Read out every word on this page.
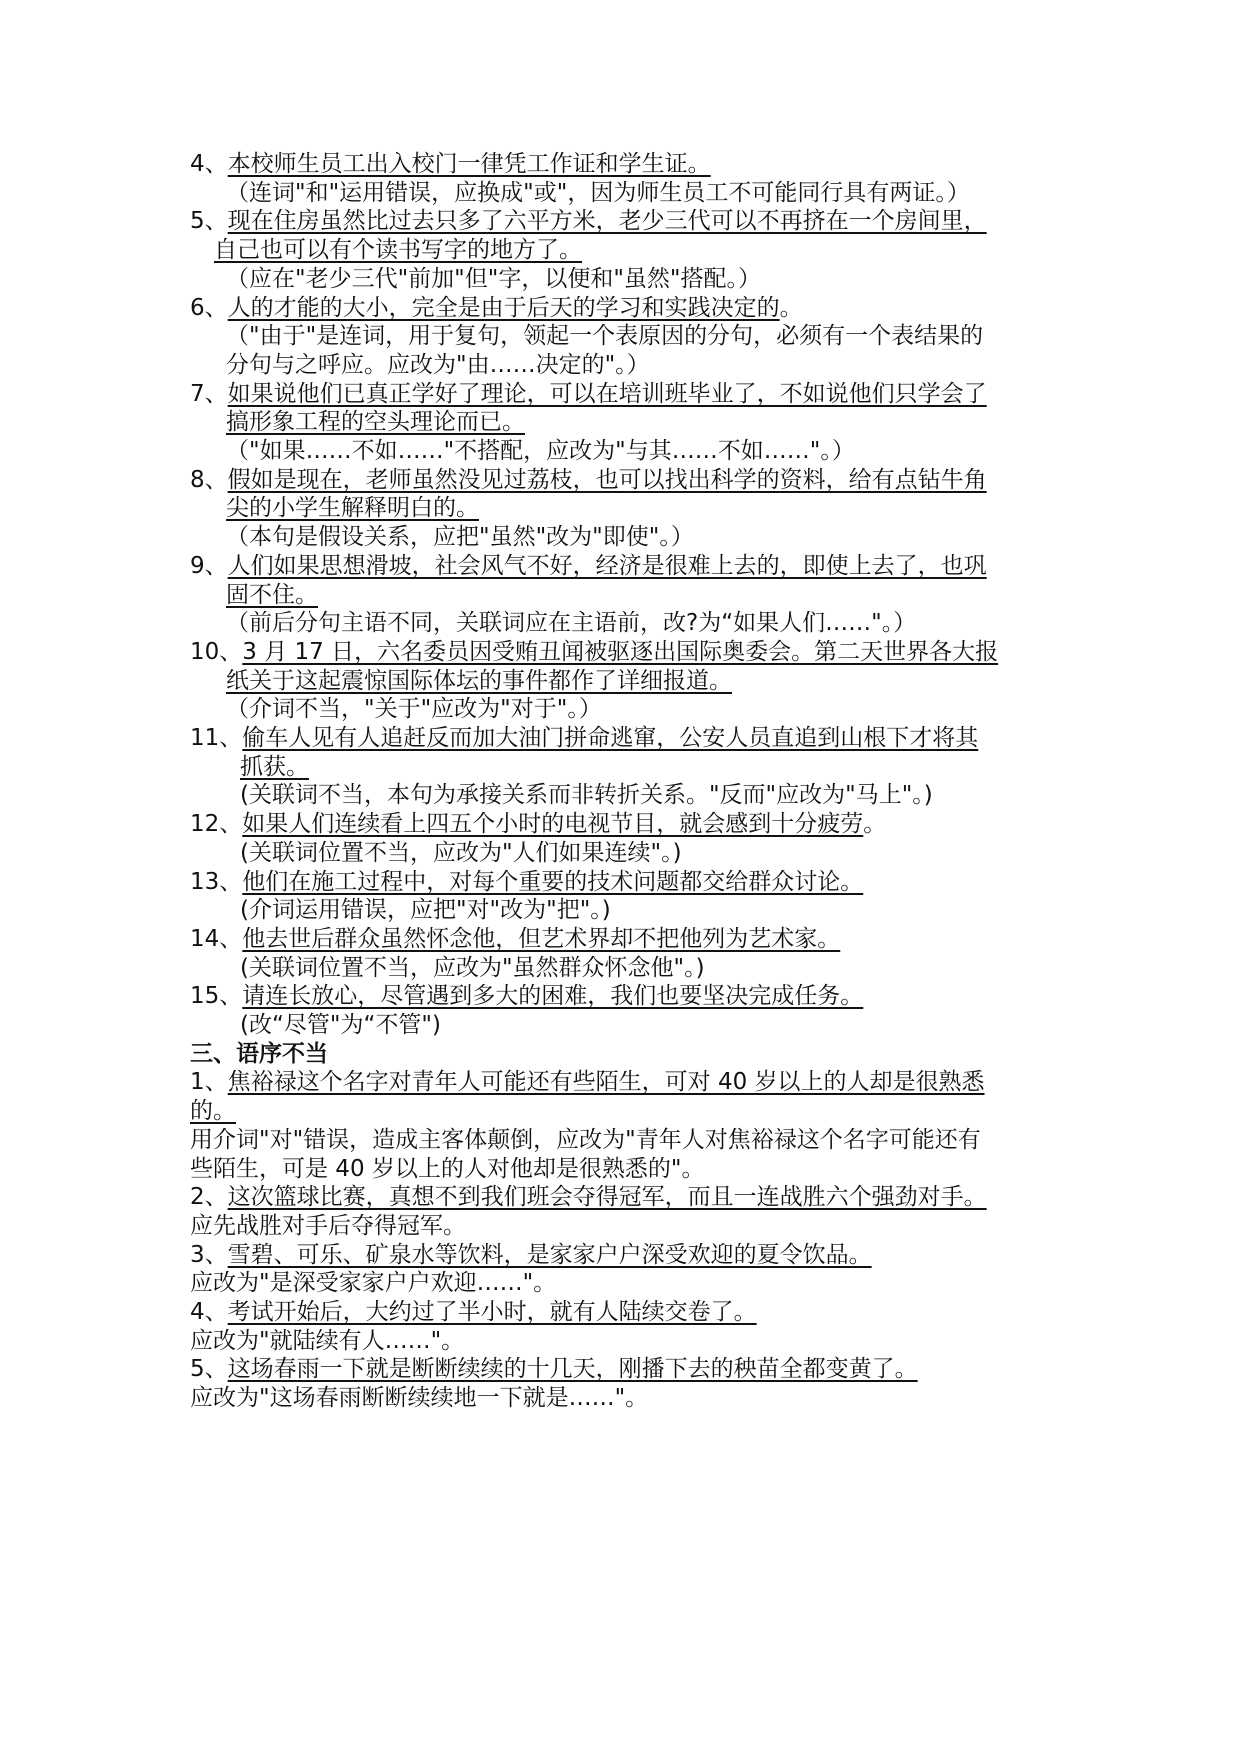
4、本校师生员工出入校门一律凭工作证和学生证。
（连词"和"运用错误，应换成"或"，因为师生员工不可能同行具有两证。）
5、现在住房虽然比过去只多了六平方米，老少三代可以不再挤在一个房间里，
自己也可以有个读书写字的地方了。
（应在"老少三代"前加"但"字，以便和"虽然"搭配。）
6、人的才能的大小，完全是由于后天的学习和实践决定的。
（"由于"是连词，用于复句，领起一个表原因的分句，必须有一个表结果的
分句与之呼应。应改为"由……决定的"。）
7、如果说他们已真正学好了理论，可以在培训班毕业了，不如说他们只学会了
搞形象工程的空头理论而已。
（"如果……不如……"不搭配，应改为"与其……不如……"。）
8、假如是现在，老师虽然没见过荔枝，也可以找出科学的资料，给有点钻牛角
尖的小学生解释明白的。
（本句是假设关系，应把"虽然"改为"即使"。）
9、人们如果思想滑坡，社会风气不好，经济是很难上去的，即使上去了，也巩
固不住。
（前后分句主语不同，关联词应在主语前，改?为“如果人们……"。）
10、3 月 17 日，六名委员因受贿丑闻被驱逐出国际奥委会。第二天世界各大报
纸关于这起震惊国际体坛的事件都作了详细报道。
（介词不当，"关于"应改为"对于"。）
11、偷车人见有人追赶反而加大油门拼命逃窜，公安人员直追到山根下才将其
抓获。
(关联词不当，本句为承接关系而非转折关系。"反而"应改为"马上"。)
12、如果人们连续看上四五个小时的电视节目，就会感到十分疲劳。
(关联词位置不当，应改为"人们如果连续"。)
13、他们在施工过程中，对每个重要的技术问题都交给群众讨论。
(介词运用错误，应把"对"改为"把"。)
14、他去世后群众虽然怀念他，但艺术界却不把他列为艺术家。
(关联词位置不当，应改为"虽然群众怀念他"。)
15、请连长放心，尽管遇到多大的困难，我们也要坚决完成任务。
(改“尽管"为“不管")
三、语序不当
1、焦裕禄这个名字对青年人可能还有些陌生，可对 40 岁以上的人却是很熟悉
的。
用介词"对"错误，造成主客体颠倒，应改为"青年人对焦裕禄这个名字可能还有
些陌生，可是 40 岁以上的人对他却是很熟悉的"。
2、这次篮球比赛，真想不到我们班会夺得冠军，而且一连战胜六个强劲对手。
应先战胜对手后夺得冠军。
3、雪碧、可乐、矿泉水等饮料，是家家户户深受欢迎的夏令饮品。
应改为"是深受家家户户欢迎……"。
4、考试开始后，大约过了半小时，就有人陆续交卷了。
应改为"就陆续有人……"。
5、这场春雨一下就是断断续续的十几天，刚播下去的秧苗全都变黄了。
应改为"这场春雨断断续续地一下就是……"。
